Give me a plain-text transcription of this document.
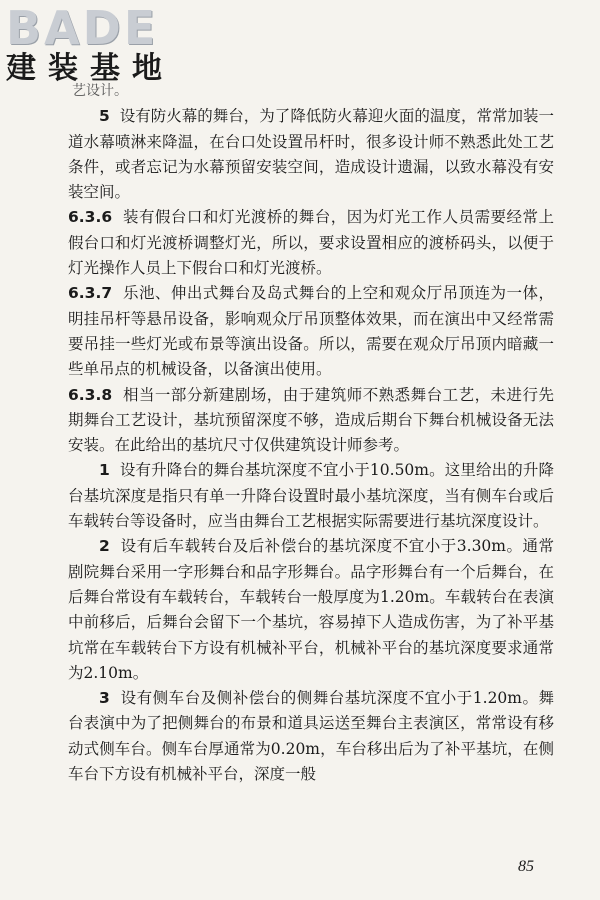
BADE
建装基地

艺设计。

5 设有防火幕的舞台，为了降低防火幕迎火面的温度，常常加装一道水幕喷淋来降温，在台口处设置吊杆时，很多设计师不熟悉此处工艺条件，或者忘记为水幕预留安装空间，造成设计遗漏，以致水幕没有安装空间。

6.3.6 装有假台口和灯光渡桥的舞台，因为灯光工作人员需要经常上假台口和灯光渡桥调整灯光，所以，要求设置相应的渡桥码头，以便于灯光操作人员上下假台口和灯光渡桥。

6.3.7 乐池、伸出式舞台及岛式舞台的上空和观众厅吊顶连为一体，明挂吊杆等悬吊设备，影响观众厅吊顶整体效果，而在演出中又经常需要吊挂一些灯光或布景等演出设备。所以，需要在观众厅吊顶内暗藏一些单吊点的机械设备，以备演出使用。

6.3.8 相当一部分新建剧场，由于建筑师不熟悉舞台工艺，未进行先期舞台工艺设计，基坑预留深度不够，造成后期台下舞台机械设备无法安装。在此给出的基坑尺寸仅供建筑设计师参考。

1 设有升降台的舞台基坑深度不宜小于10.50m。这里给出的升降台基坑深度是指只有单一升降台设置时最小基坑深度，当有侧车台或后车载转台等设备时，应当由舞台工艺根据实际需要进行基坑深度设计。

2 设有后车载转台及后补偿台的基坑深度不宜小于3.30m。通常剧院舞台采用一字形舞台和品字形舞台。品字形舞台有一个后舞台，在后舞台常设有车载转台，车载转台一般厚度为1.20m。车载转台在表演中前移后，后舞台会留下一个基坑，容易掉下人造成伤害，为了补平基坑常在车载转台下方设有机械补平台，机械补平台的基坑深度要求通常为2.10m。

3 设有侧车台及侧补偿台的侧舞台基坑深度不宜小于1.20m。舞台表演中为了把侧舞台的布景和道具运送至舞台主表演区，常常设有移动式侧车台。侧车台厚通常为0.20m，车台移出后为了补平基坑，在侧车台下方设有机械补平台，深度一般

85
